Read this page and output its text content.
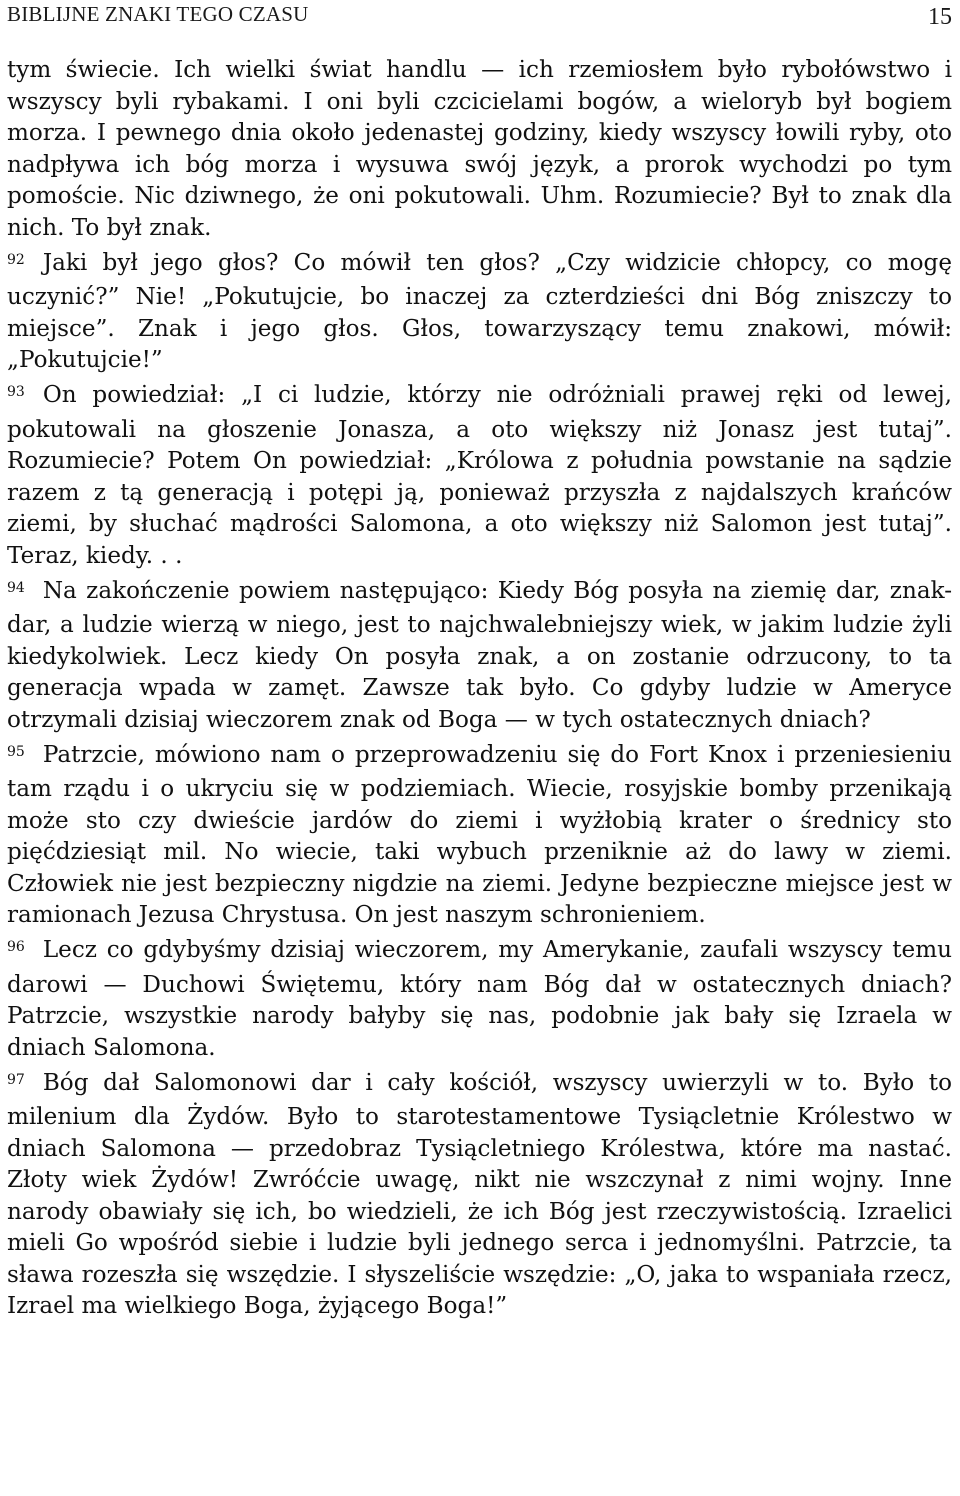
BIBLIJNE ZNAKI TEGO CZASU	15

tym świecie. Ich wielki świat handlu — ich rzemiosłem było rybołówstwo i wszyscy byli rybakami. I oni byli czcicielami bogów, a wieloryb był bogiem morza. I pewnego dnia około jedenastej godziny, kiedy wszyscy łowili ryby, oto nadpływa ich bóg morza i wysuwa swój język, a prorok wychodzi po tym pomoście. Nic dziwnego, że oni pokutowali. Uhm. Rozumiecie? Był to znak dla nich. To był znak.

$^{92}$ Jaki był jego głos? Co mówił ten głos? „Czy widzicie chłopcy, co mogę uczynić?” Nie! „Pokutujcie, bo inaczej za czterdzieści dni Bóg zniszczy to miejsce”. Znak i jego głos. Głos, towarzyszący temu znakowi, mówił: „Pokutujcie!”

$^{93}$ On powiedział: „I ci ludzie, którzy nie odróżniali prawej ręki od lewej, pokutowali na głoszenie Jonasza, a oto większy niż Jonasz jest tutaj”. Rozumiecie? Potem On powiedział: „Królowa z południa powstanie na sądzie razem z tą generacją i potępi ją, ponieważ przyszła z najdalszych krańców ziemi, by słuchać mądrości Salomona, a oto większy niż Salomon jest tutaj”. Teraz, kiedy. . .

$^{94}$ Na zakończenie powiem następująco: Kiedy Bóg posyła na ziemię dar, znak-dar, a ludzie wierzą w niego, jest to najchwalebniejszy wiek, w jakim ludzie żyli kiedykolwiek. Lecz kiedy On posyła znak, a on zostanie odrzucony, to ta generacja wpada w zamęt. Zawsze tak było. Co gdyby ludzie w Ameryce otrzymali dzisiaj wieczorem znak od Boga — w tych ostatecznych dniach?

$^{95}$ Patrzcie, mówiono nam o przeprowadzeniu się do Fort Knox i przeniesieniu tam rządu i o ukryciu się w podziemiach. Wiecie, rosyjskie bomby przenikają może sto czy dwieście jardów do ziemi i wyżłobią krater o średnicy sto pięćdziesiąt mil. No wiecie, taki wybuch przeniknie aż do lawy w ziemi. Człowiek nie jest bezpieczny nigdzie na ziemi. Jedyne bezpieczne miejsce jest w ramionach Jezusa Chrystusa. On jest naszym schronieniem.

$^{96}$ Lecz co gdybyśmy dzisiaj wieczorem, my Amerykanie, zaufali wszyscy temu darowi — Duchowi Świętemu, który nam Bóg dał w ostatecznych dniach? Patrzcie, wszystkie narody bałyby się nas, podobnie jak bały się Izraela w dniach Salomona.

$^{97}$ Bóg dał Salomonowi dar i cały kościół, wszyscy uwierzyli w to. Było to milenium dla Żydów. Było to starotestamentowe Tysiącletnie Królestwo w dniach Salomona — przedobraz Tysiącletniego Królestwa, które ma nastać. Złoty wiek Żydów! Zwróćcie uwagę, nikt nie wszczynał z nimi wojny. Inne narody obawiały się ich, bo wiedzieli, że ich Bóg jest rzeczywistością. Izraelici mieli Go wpośród siebie i ludzie byli jednego serca i jednomyślni. Patrzcie, ta sława rozeszła się wszędzie. I słyszeliście wszędzie: „O, jaka to wspaniała rzecz, Izrael ma wielkiego Boga, żyjącego Boga!”
